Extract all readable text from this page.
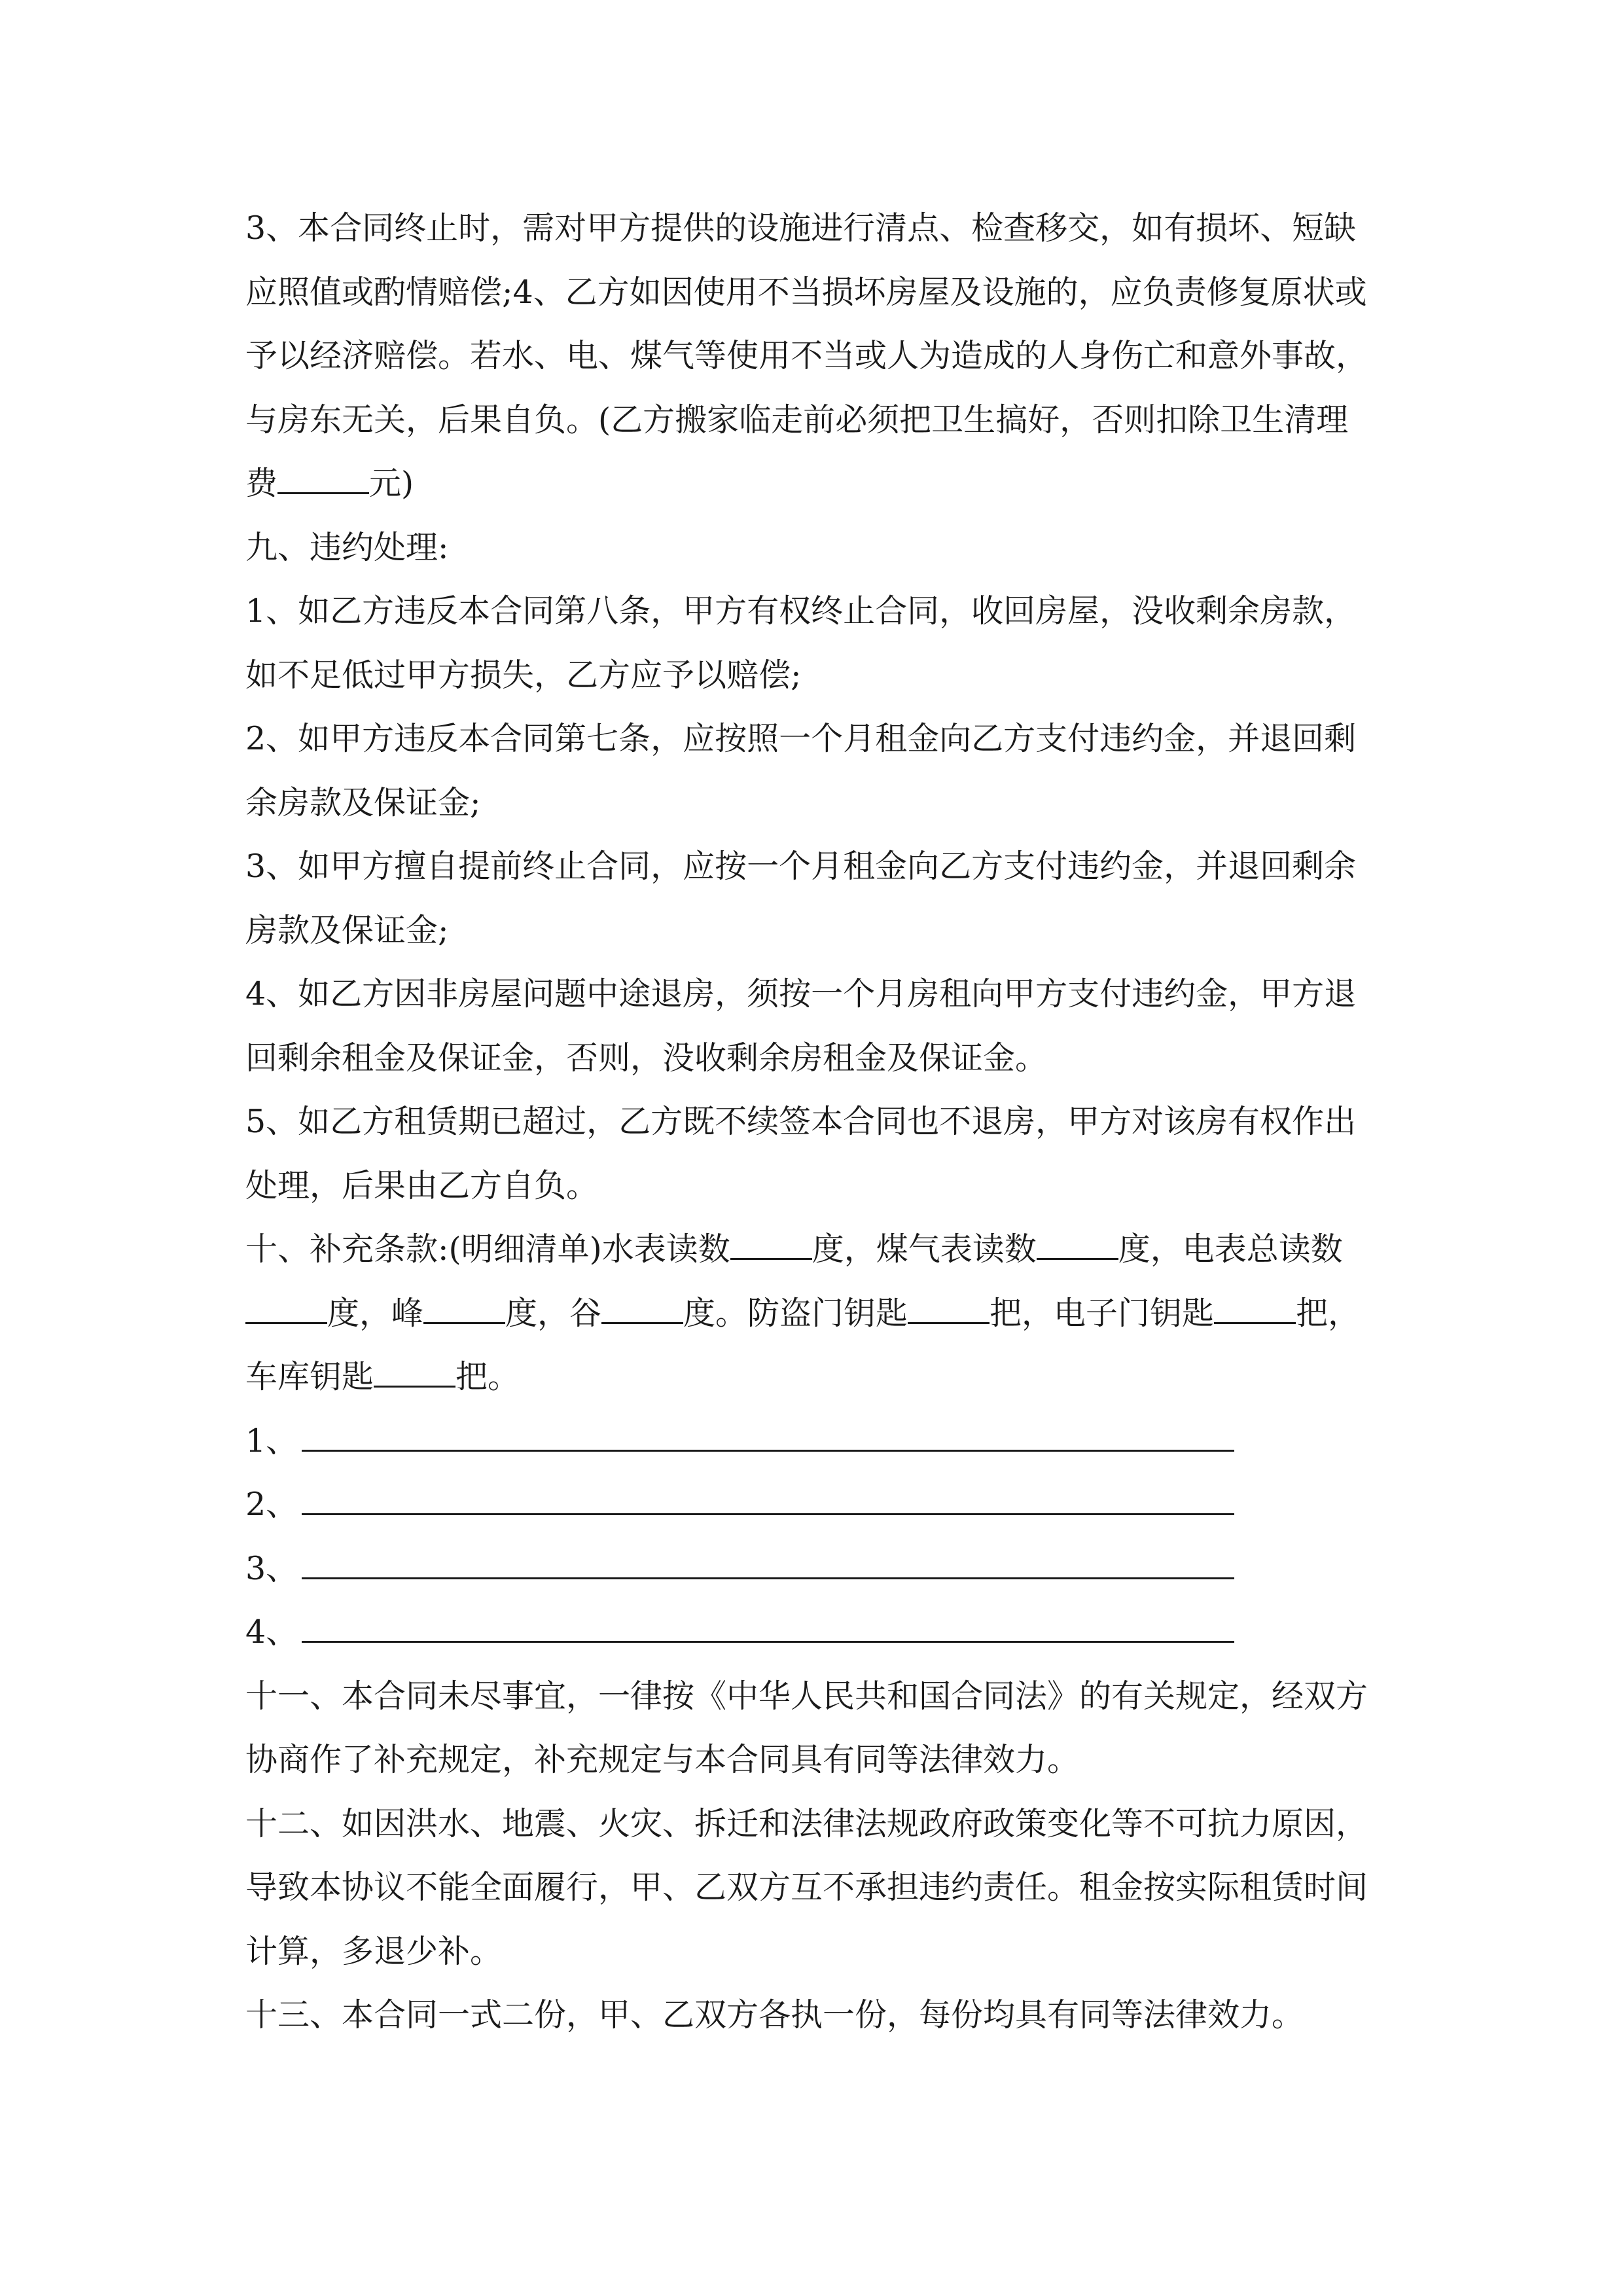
3、本合同终止时，需对甲方提供的设施进行清点、检查移交，如有损坏、短缺
应照值或酌情赔偿;4、乙方如因使用不当损坏房屋及设施的，应负责修复原状或
予以经济赔偿。若水、电、煤气等使用不当或人为造成的人身伤亡和意外事故，
与房东无关，后果自负。(乙方搬家临走前必须把卫生搞好，否则扣除卫生清理
费	元)
九、违约处理:
1、如乙方违反本合同第八条，甲方有权终止合同，收回房屋，没收剩余房款，
如不足低过甲方损失，乙方应予以赔偿;
2、如甲方违反本合同第七条，应按照一个月租金向乙方支付违约金，并退回剩
余房款及保证金;
3、如甲方擅自提前终止合同，应按一个月租金向乙方支付违约金，并退回剩余
房款及保证金;
4、如乙方因非房屋问题中途退房，须按一个月房租向甲方支付违约金，甲方退
回剩余租金及保证金，否则，没收剩余房租金及保证金。
5、如乙方租赁期已超过，乙方既不续签本合同也不退房，甲方对该房有权作出
处理，后果由乙方自负。
十、补充条款:(明细清单)水表读数	度，煤气表读数	度，电表总读数
度，峰	度，谷	度。防盗门钥匙	把，电子门钥匙	把，
车库钥匙	把。
1、
2、
3、
4、
十一、本合同未尽事宜，一律按《中华人民共和国合同法》的有关规定，经双方
协商作了补充规定，补充规定与本合同具有同等法律效力。
十二、如因洪水、地震、火灾、拆迁和法律法规政府政策变化等不可抗力原因，
导致本协议不能全面履行，甲、乙双方互不承担违约责任。租金按实际租赁时间
计算，多退少补。
十三、本合同一式二份，甲、乙双方各执一份，每份均具有同等法律效力。
